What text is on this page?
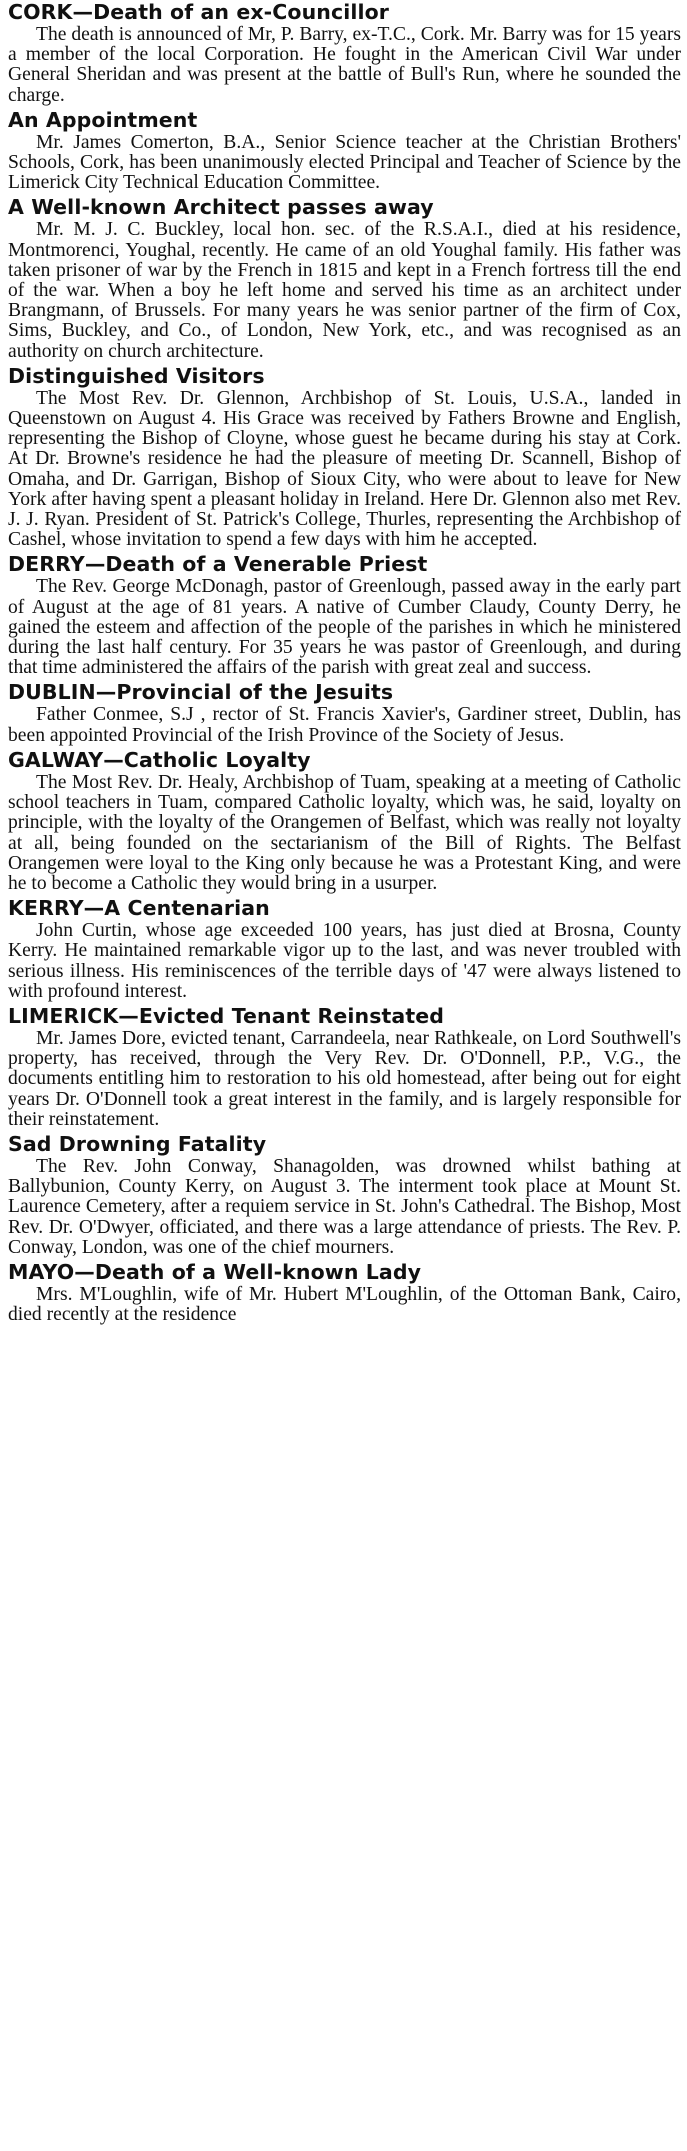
CORK—Death of an ex-Councillor

The death is announced of Mr, P. Barry, ex-T.C., Cork. Mr. Barry was for 15 years a member of the local Corporation. He fought in the American Civil War under General Sheridan and was present at the battle of Bull's Run, where he sounded the charge.

An Appointment

Mr. James Comerton, B.A., Senior Science teacher at the Christian Brothers' Schools, Cork, has been unanimously elected Principal and Teacher of Science by the Limerick City Technical Education Committee.

A Well-known Architect passes away

Mr. M. J. C. Buckley, local hon. sec. of the R.S.A.I., died at his residence, Montmorenci, Youghal, recently. He came of an old Youghal family. His father was taken prisoner of war by the French in 1815 and kept in a French fortress till the end of the war. When a boy he left home and served his time as an architect under Brangmann, of Brussels. For many years he was senior partner of the firm of Cox, Sims, Buckley, and Co., of London, New York, etc., and was recognised as an authority on church architecture.

Distinguished Visitors

The Most Rev. Dr. Glennon, Archbishop of St. Louis, U.S.A., landed in Queenstown on August 4. His Grace was received by Fathers Browne and English, representing the Bishop of Cloyne, whose guest he became during his stay at Cork. At Dr. Browne's residence he had the pleasure of meeting Dr. Scannell, Bishop of Omaha, and Dr. Garrigan, Bishop of Sioux City, who were about to leave for New York after having spent a pleasant holiday in Ireland. Here Dr. Glennon also met Rev. J. J. Ryan. President of St. Patrick's College, Thurles, representing the Archbishop of Cashel, whose invitation to spend a few days with him he accepted.

DERRY—Death of a Venerable Priest

The Rev. George McDonagh, pastor of Greenlough, passed away in the early part of August at the age of 81 years. A native of Cumber Claudy, County Derry, he gained the esteem and affection of the people of the parishes in which he ministered during the last half century. For 35 years he was pastor of Greenlough, and during that time administered the affairs of the parish with great zeal and success.

DUBLIN—Provincial of the Jesuits

Father Conmee, S.J , rector of St. Francis Xavier's, Gardiner street, Dublin, has been appointed Provincial of the Irish Province of the Society of Jesus.

GALWAY—Catholic Loyalty

The Most Rev. Dr. Healy, Archbishop of Tuam, speaking at a meeting of Catholic school teachers in Tuam, compared Catholic loyalty, which was, he said, loyalty on principle, with the loyalty of the Orangemen of Belfast, which was really not loyalty at all, being founded on the sectarianism of the Bill of Rights. The Belfast Orangemen were loyal to the King only because he was a Protestant King, and were he to become a Catholic they would bring in a usurper.

KERRY—A Centenarian

John Curtin, whose age exceeded 100 years, has just died at Brosna, County Kerry. He maintained remarkable vigor up to the last, and was never troubled with serious illness. His reminiscences of the terrible days of '47 were always listened to with profound interest.

LIMERICK—Evicted Tenant Reinstated

Mr. James Dore, evicted tenant, Carrandeela, near Rathkeale, on Lord Southwell's property, has received, through the Very Rev. Dr. O'Donnell, P.P., V.G., the documents entitling him to restoration to his old homestead, after being out for eight years Dr. O'Donnell took a great interest in the family, and is largely responsible for their reinstatement.

Sad Drowning Fatality

The Rev. John Conway, Shanagolden, was drowned whilst bathing at Ballybunion, County Kerry, on August 3. The interment took place at Mount St. Laurence Cemetery, after a requiem service in St. John's Cathedral. The Bishop, Most Rev. Dr. O'Dwyer, officiated, and there was a large attendance of priests. The Rev. P. Conway, London, was one of the chief mourners.

MAYO—Death of a Well-known Lady

Mrs. M'Loughlin, wife of Mr. Hubert M'Loughlin, of the Ottoman Bank, Cairo, died recently at the residence
